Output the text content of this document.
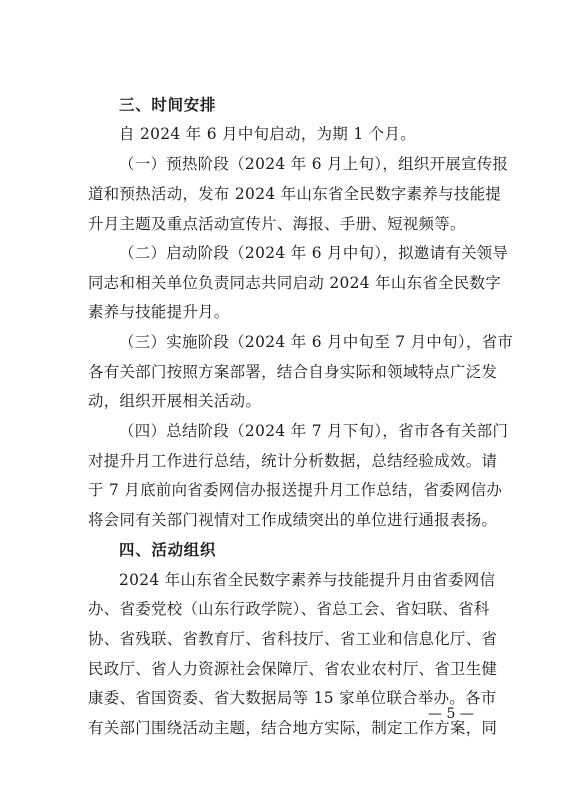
三、时间安排
自 2024 年 6 月中旬启动，为期 1 个月。
（一）预热阶段（2024 年 6 月上旬），组织开展宣传报
道和预热活动，发布 2024 年山东省全民数字素养与技能提
升月主题及重点活动宣传片、海报、手册、短视频等。
（二）启动阶段（2024 年 6 月中旬），拟邀请有关领导
同志和相关单位负责同志共同启动 2024 年山东省全民数字
素养与技能提升月。
（三）实施阶段（2024 年 6 月中旬至 7 月中旬），省市
各有关部门按照方案部署，结合自身实际和领域特点广泛发
动，组织开展相关活动。
（四）总结阶段（2024 年 7 月下旬），省市各有关部门
对提升月工作进行总结，统计分析数据，总结经验成效。请
于 7 月底前向省委网信办报送提升月工作总结，省委网信办
将会同有关部门视情对工作成绩突出的单位进行通报表扬。
四、活动组织
2024 年山东省全民数字素养与技能提升月由省委网信
办、省委党校（山东行政学院）、省总工会、省妇联、省科
协、省残联、省教育厅、省科技厅、省工业和信息化厅、省
民政厅、省人力资源社会保障厅、省农业农村厅、省卫生健
康委、省国资委、省大数据局等 15 家单位联合举办。各市
有关部门围绕活动主题，结合地方实际，制定工作方案，同
— 5 —
